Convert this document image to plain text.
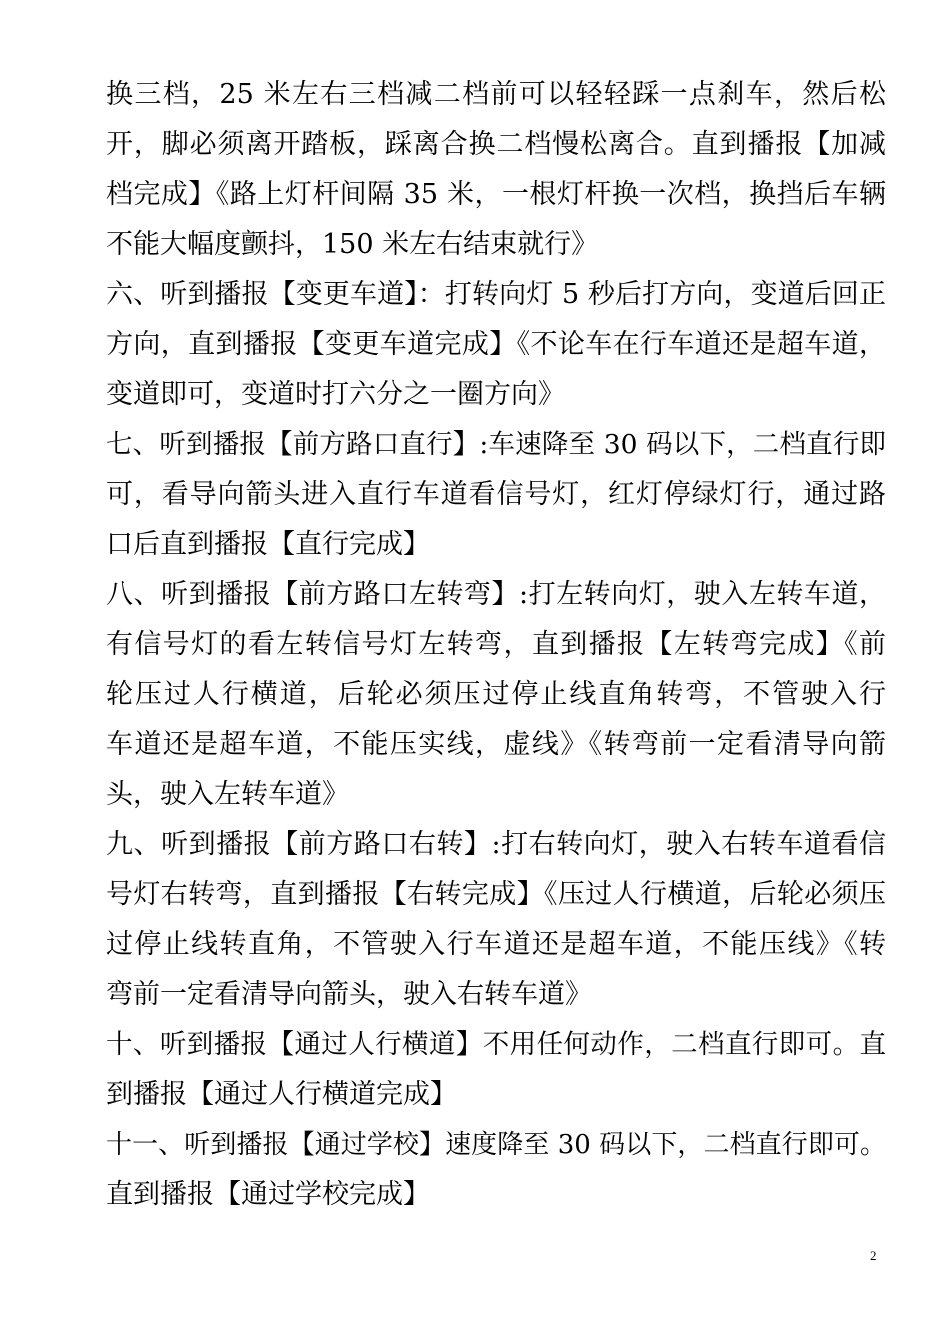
换三档，25 米左右三档减二档前可以轻轻踩一点刹车，然后松
开，脚必须离开踏板，踩离合换二档慢松离合。直到播报【加减
档完成】《路上灯杆间隔 35 米，一根灯杆换一次档，换挡后车辆
不能大幅度颤抖，150 米左右结束就行》
六、听到播报【变更车道】：打转向灯 5 秒后打方向，变道后回正
方向，直到播报【变更车道完成】《不论车在行车道还是超车道，
变道即可，变道时打六分之一圈方向》
七、听到播报【前方路口直行】:车速降至 30 码以下，二档直行即
可，看导向箭头进入直行车道看信号灯，红灯停绿灯行，通过路
口后直到播报【直行完成】
八、听到播报【前方路口左转弯】:打左转向灯，驶入左转车道，
有信号灯的看左转信号灯左转弯，直到播报【左转弯完成】《前
轮压过人行横道，后轮必须压过停止线直角转弯，不管驶入行
车道还是超车道，不能压实线，虚线》《转弯前一定看清导向箭
头，驶入左转车道》
九、听到播报【前方路口右转】:打右转向灯，驶入右转车道看信
号灯右转弯，直到播报【右转完成】《压过人行横道，后轮必须压
过停止线转直角，不管驶入行车道还是超车道，不能压线》《转
弯前一定看清导向箭头，驶入右转车道》
十、听到播报【通过人行横道】不用任何动作，二档直行即可。直
到播报【通过人行横道完成】
十一、听到播报【通过学校】速度降至 30 码以下，二档直行即可。
直到播报【通过学校完成】
2
